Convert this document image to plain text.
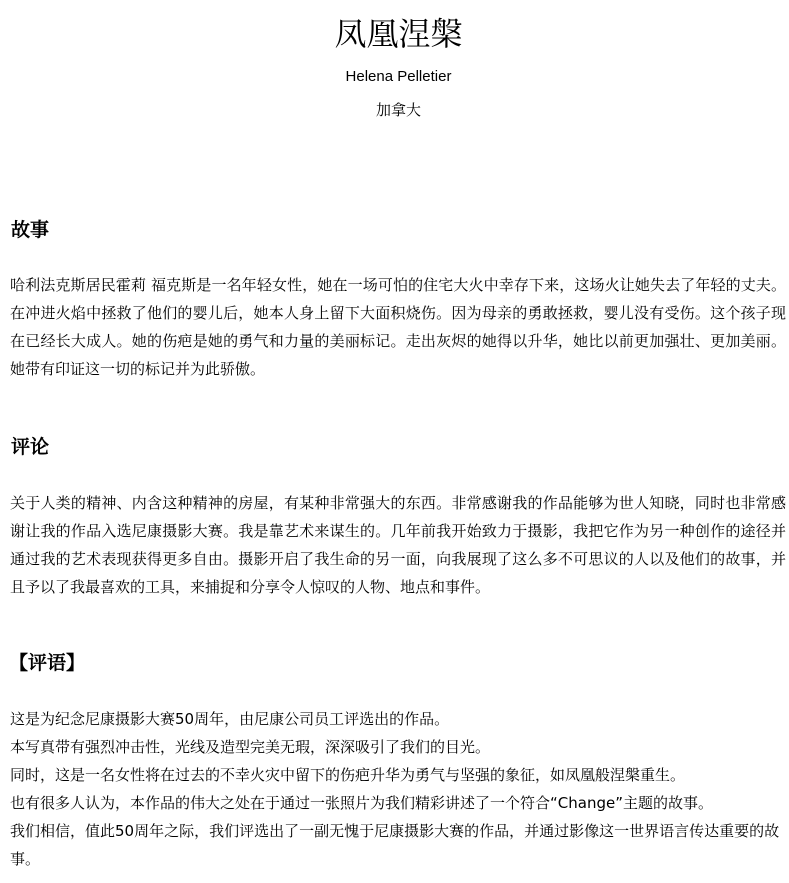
凤凰涅槃

Helena Pelletier

加拿大

故事

哈利法克斯居民霍莉 福克斯是一名年轻女性，她在一场可怕的住宅大火中幸存下来，这场火让她失去了年轻的丈夫。在冲进火焰中拯救了他们的婴儿后，她本人身上留下大面积烧伤。因为母亲的勇敢拯救，婴儿没有受伤。这个孩子现在已经长大成人。她的伤疤是她的勇气和力量的美丽标记。走出灰烬的她得以升华，她比以前更加强壮、更加美丽。她带有印证这一切的标记并为此骄傲。

评论

关于人类的精神、内含这种精神的房屋，有某种非常强大的东西。非常感谢我的作品能够为世人知晓，同时也非常感谢让我的作品入选尼康摄影大赛。我是靠艺术来谋生的。几年前我开始致力于摄影，我把它作为另一种创作的途径并通过我的艺术表现获得更多自由。摄影开启了我生命的另一面，向我展现了这么多不可思议的人以及他们的故事，并且予以了我最喜欢的工具，来捕捉和分享令人惊叹的人物、地点和事件。

【评语】
这是为纪念尼康摄影大赛50周年，由尼康公司员工评选出的作品。
本写真带有强烈冲击性，光线及造型完美无瑕，深深吸引了我们的目光。
同时，这是一名女性将在过去的不幸火灾中留下的伤疤升华为勇气与坚强的象征，如凤凰般涅槃重生。
也有很多人认为，本作品的伟大之处在于通过一张照片为我们精彩讲述了一个符合“Change”主题的故事。
我们相信，值此50周年之际，我们评选出了一副无愧于尼康摄影大赛的作品，并通过影像这一世界语言传达重要的故事。
